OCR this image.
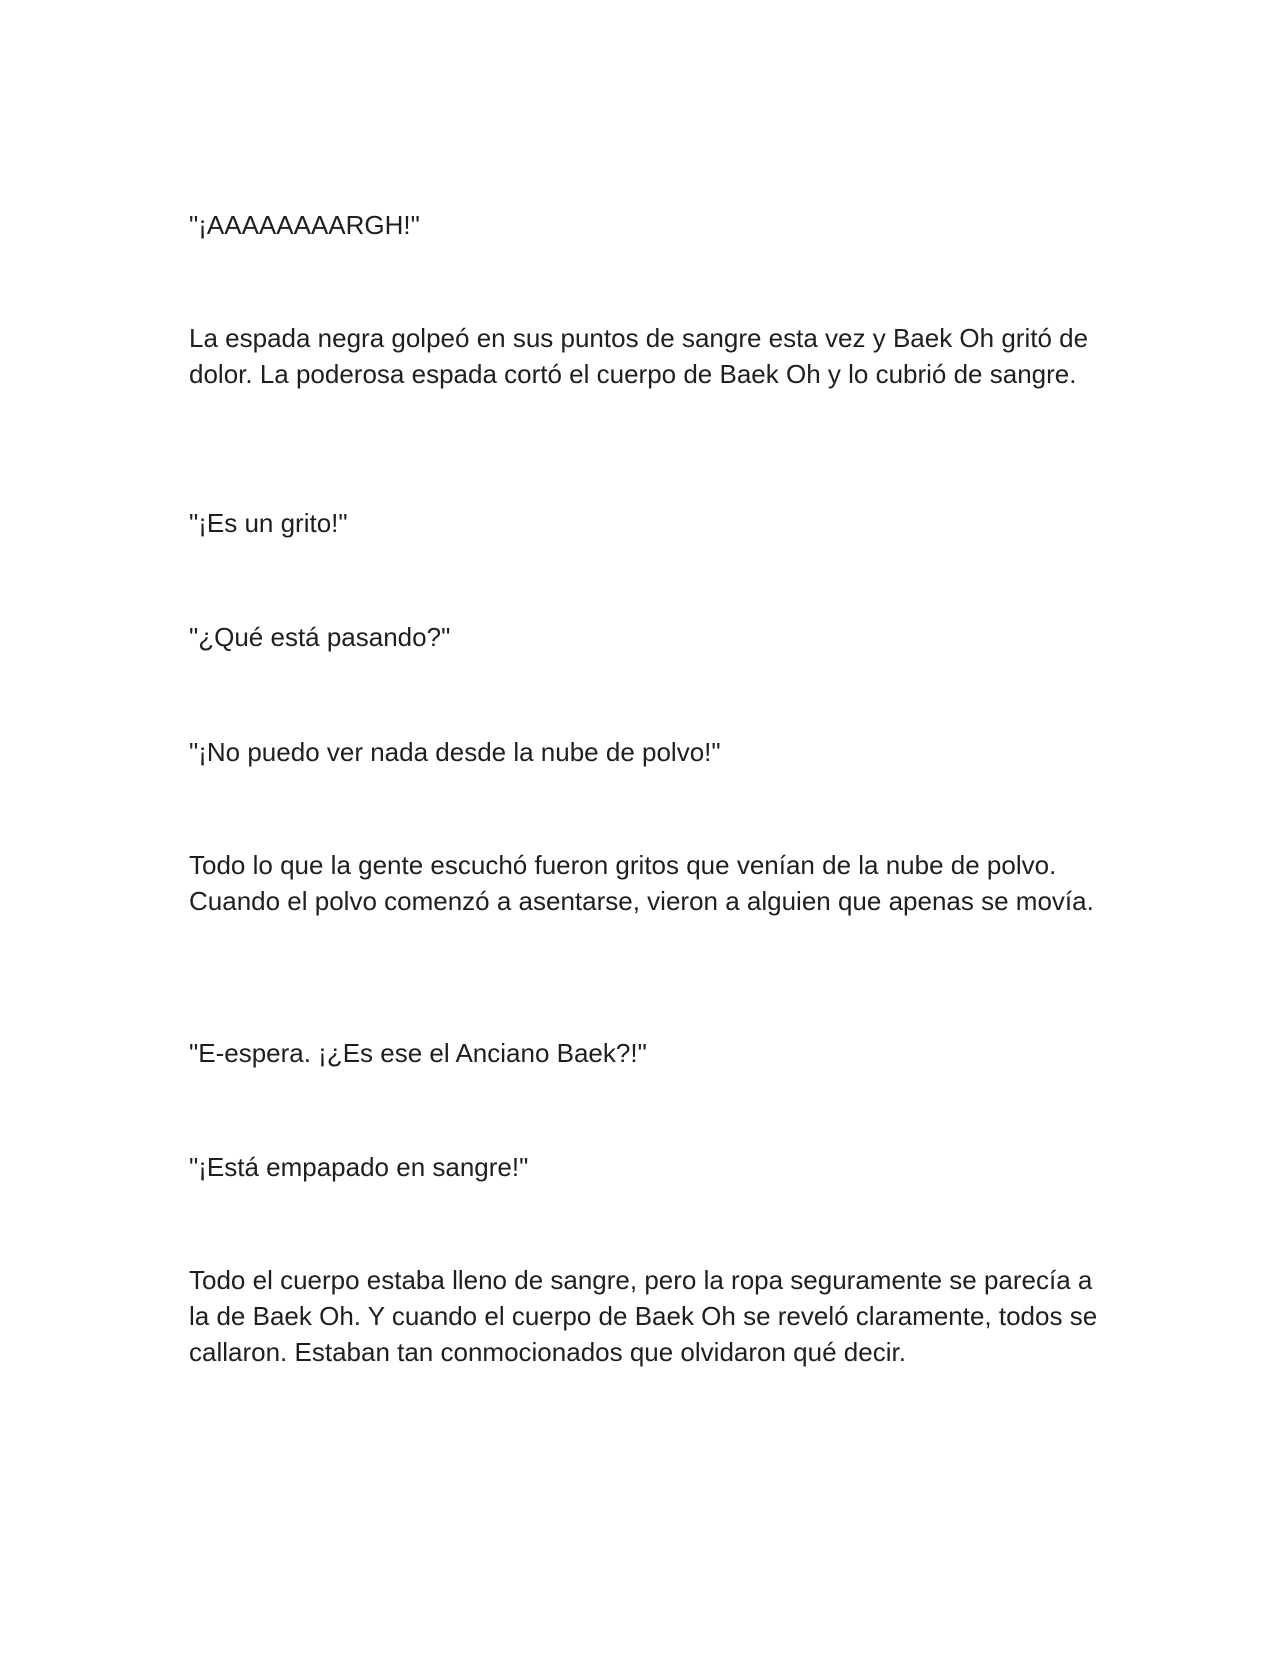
"¡AAAAAAAARGH!"

La espada negra golpeó en sus puntos de sangre esta vez y Baek Oh gritó de dolor. La poderosa espada cortó el cuerpo de Baek Oh y lo cubrió de sangre.

"¡Es un grito!"

"¿Qué está pasando?"

"¡No puedo ver nada desde la nube de polvo!"

Todo lo que la gente escuchó fueron gritos que venían de la nube de polvo. Cuando el polvo comenzó a asentarse, vieron a alguien que apenas se movía.

"E-espera. ¡¿Es ese el Anciano Baek?!"

"¡Está empapado en sangre!"

Todo el cuerpo estaba lleno de sangre, pero la ropa seguramente se parecía a la de Baek Oh. Y cuando el cuerpo de Baek Oh se reveló claramente, todos se callaron. Estaban tan conmocionados que olvidaron qué decir.
